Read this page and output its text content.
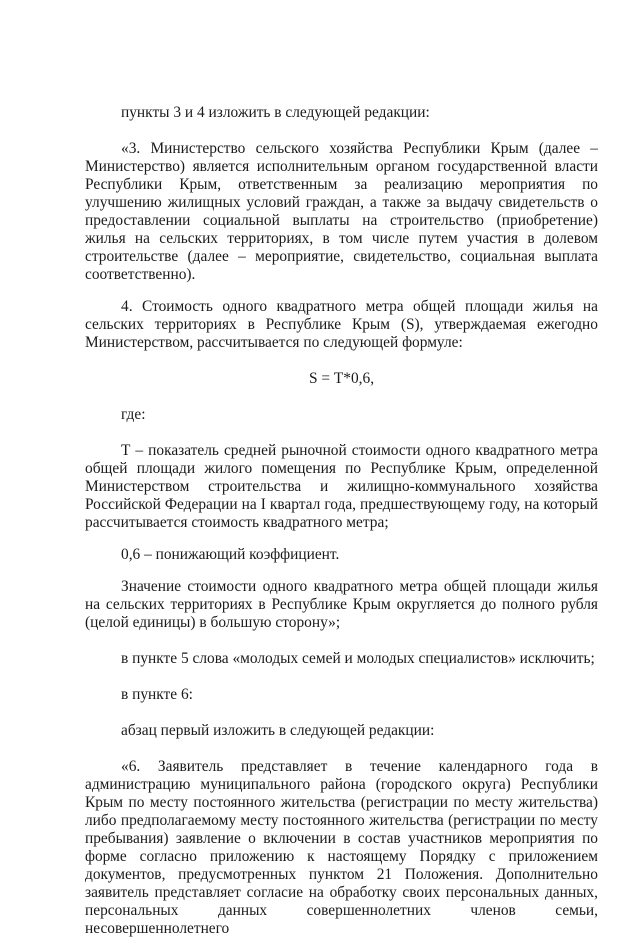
пункты 3 и 4 изложить в следующей редакции:

«3. Министерство сельского хозяйства Республики Крым (далее – Министерство) является исполнительным органом государственной власти Республики Крым, ответственным за реализацию мероприятия по улучшению жилищных условий граждан, а также за выдачу свидетельств о предоставлении социальной выплаты на строительство (приобретение) жилья на сельских территориях, в том числе путем участия в долевом строительстве (далее – мероприятие, свидетельство, социальная выплата соответственно).

4. Стоимость одного квадратного метра общей площади жилья на сельских территориях в Республике Крым (S), утверждаемая ежегодно Министерством, рассчитывается по следующей формуле:

S = Т*0,6,

где:

Т – показатель средней рыночной стоимости одного квадратного метра общей площади жилого помещения по Республике Крым, определенной Министерством строительства и жилищно-коммунального хозяйства Российской Федерации на I квартал года, предшествующему году, на который рассчитывается стоимость квадратного метра;

0,6 – понижающий коэффициент.

Значение стоимости одного квадратного метра общей площади жилья на сельских территориях в Республике Крым округляется до полного рубля (целой единицы) в большую сторону»;

в пункте 5 слова «молодых семей и молодых специалистов» исключить;

в пункте 6:

абзац первый изложить в следующей редакции:

«6. Заявитель представляет в течение календарного года в администрацию муниципального района (городского округа) Республики Крым по месту постоянного жительства (регистрации по месту жительства) либо предполагаемому месту постоянного жительства (регистрации по месту пребывания) заявление о включении в состав участников мероприятия по форме согласно приложению к настоящему Порядку с приложением документов, предусмотренных пунктом 21 Положения. Дополнительно заявитель представляет согласие на обработку своих персональных данных, персональных данных совершеннолетних членов семьи, несовершеннолетнего
